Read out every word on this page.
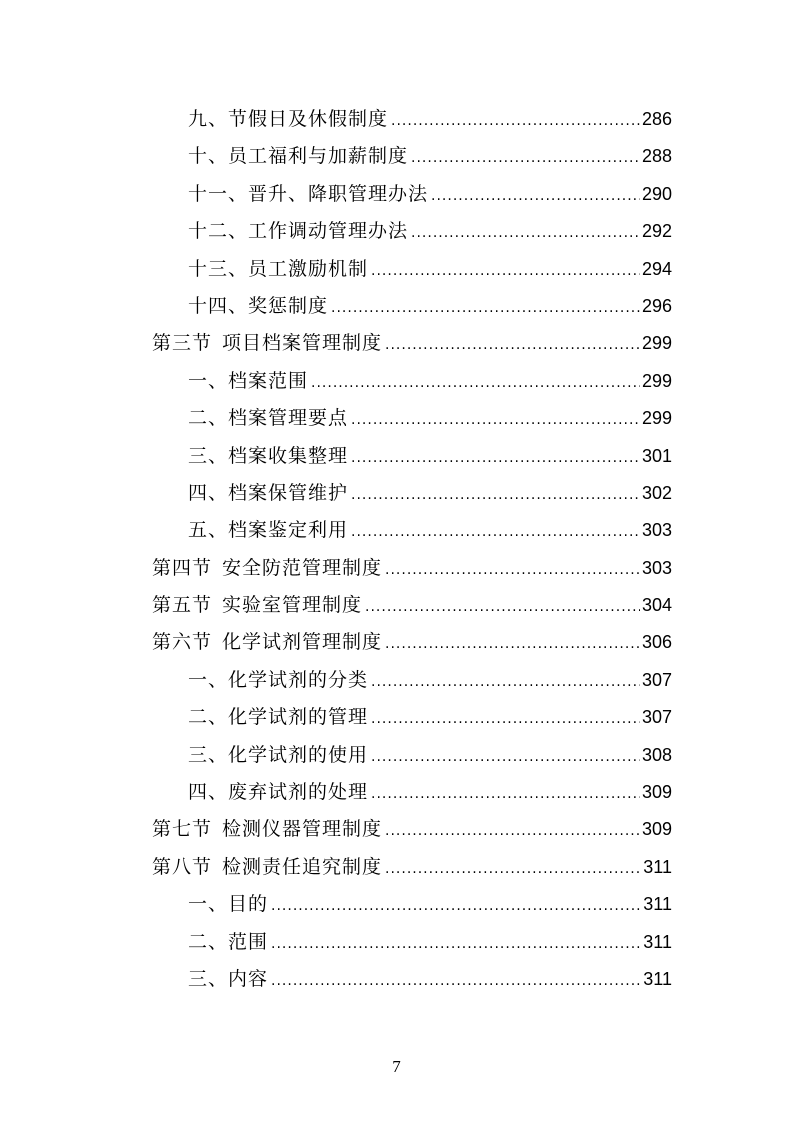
九、节假日及休假制度 .....	286
十、员工福利与加薪制度 .....	288
十一、晋升、降职管理办法 .....	290
十二、工作调动管理办法 .....	292
十三、员工激励机制 .....	294
十四、奖惩制度 .....	296
第三节 项目档案管理制度 .....	299
一、档案范围 .....	299
二、档案管理要点 .....	299
三、档案收集整理 .....	301
四、档案保管维护 .....	302
五、档案鉴定利用 .....	303
第四节 安全防范管理制度 .....	303
第五节 实验室管理制度 .....	304
第六节 化学试剂管理制度 .....	306
一、化学试剂的分类 .....	307
二、化学试剂的管理 .....	307
三、化学试剂的使用 .....	308
四、废弃试剂的处理 .....	309
第七节 检测仪器管理制度 .....	309
第八节 检测责任追究制度 .....	311
一、目的 .....	311
二、范围 .....	311
三、内容 .....	311
7
